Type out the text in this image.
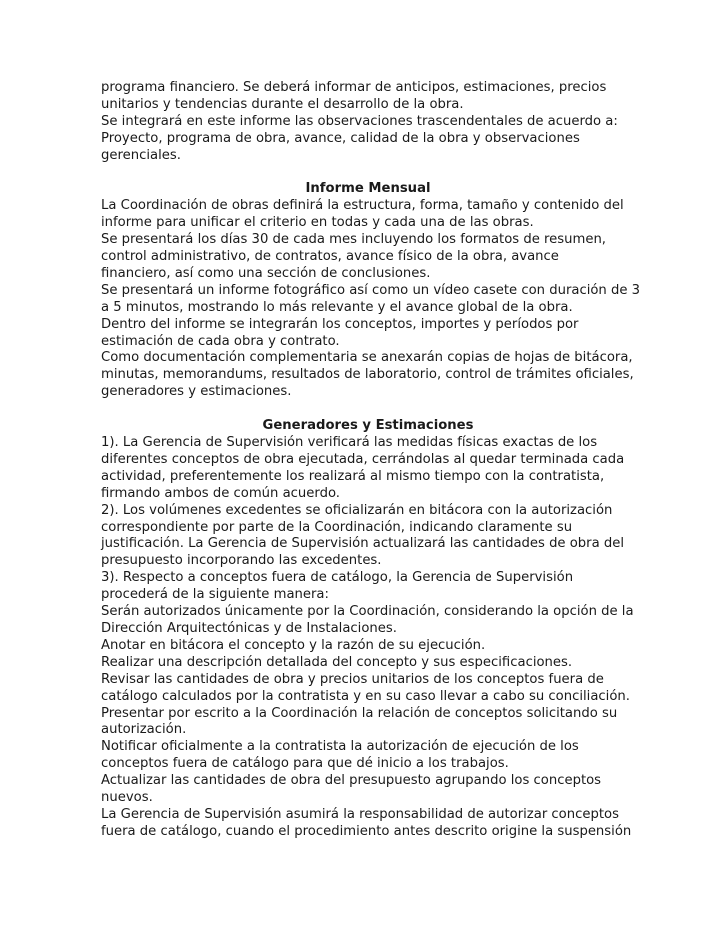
programa financiero. Se deberá informar de anticipos, estimaciones, precios
unitarios y tendencias durante el desarrollo de la obra.
Se integrará en este informe las observaciones trascendentales de acuerdo a:
Proyecto, programa de obra, avance, calidad de la obra y observaciones
gerenciales.
Informe Mensual
La Coordinación de obras definirá la estructura, forma, tamaño y contenido del
informe para unificar el criterio en todas y cada una de las obras.
Se presentará los días 30 de cada mes incluyendo los formatos de resumen,
control administrativo, de contratos, avance físico de la obra, avance
financiero, así como una sección de conclusiones.
Se presentará un informe fotográfico así como un vídeo casete con duración de 3
a 5 minutos, mostrando lo más relevante y el avance global de la obra.
Dentro del informe se integrarán los conceptos, importes y períodos por
estimación de cada obra y contrato.
Como documentación complementaria se anexarán copias de hojas de bitácora,
minutas, memorandums, resultados de laboratorio, control de trámites oficiales,
generadores y estimaciones.
Generadores y Estimaciones
1). La Gerencia de Supervisión verificará las medidas físicas exactas de los
diferentes conceptos de obra ejecutada, cerrándolas al quedar terminada cada
actividad, preferentemente los realizará al mismo tiempo con la contratista,
firmando ambos de común acuerdo.
2). Los volúmenes excedentes se oficializarán en bitácora con la autorización
correspondiente por parte de la Coordinación, indicando claramente su
justificación. La Gerencia de Supervisión actualizará las cantidades de obra del
presupuesto incorporando las excedentes.
3). Respecto a conceptos fuera de catálogo, la Gerencia de Supervisión
procederá de la siguiente manera:
Serán autorizados únicamente por la Coordinación, considerando la opción de la
Dirección Arquitectónicas y de Instalaciones.
Anotar en bitácora el concepto y la razón de su ejecución.
Realizar una descripción detallada del concepto y sus especificaciones.
Revisar las cantidades de obra y precios unitarios de los conceptos fuera de
catálogo calculados por la contratista y en su caso llevar a cabo su conciliación.
Presentar por escrito a la Coordinación la relación de conceptos solicitando su
autorización.
Notificar oficialmente a la contratista la autorización de ejecución de los
conceptos fuera de catálogo para que dé inicio a los trabajos.
Actualizar las cantidades de obra del presupuesto agrupando los conceptos
nuevos.
La Gerencia de Supervisión asumirá la responsabilidad de autorizar conceptos
fuera de catálogo, cuando el procedimiento antes descrito origine la suspensión
